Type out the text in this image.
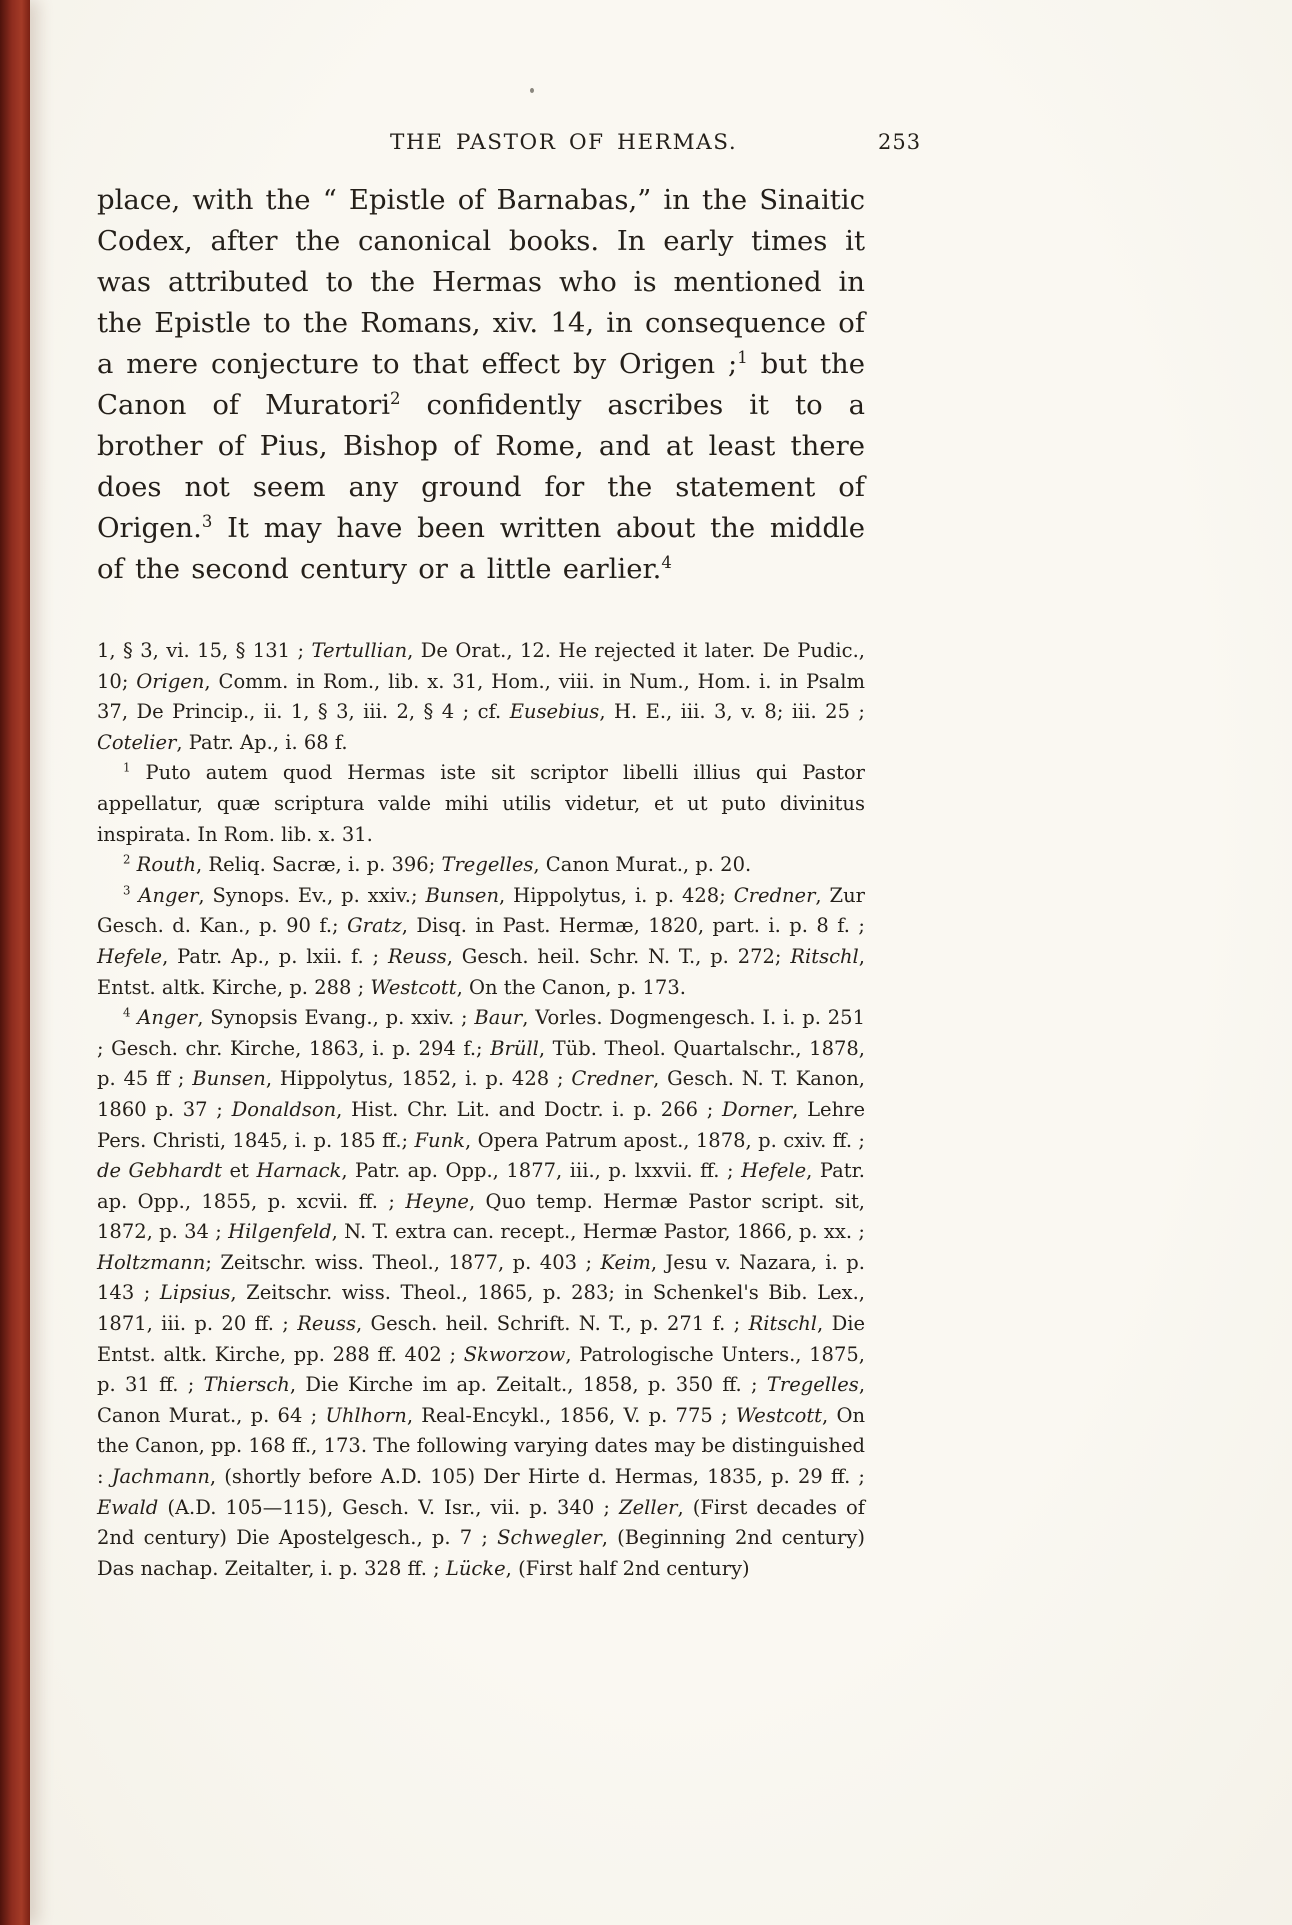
THE PASTOR OF HERMAS.	253

place, with the “ Epistle of Barnabas,” in the Sinaitic Codex, after the canonical books. In early times it was attributed to the Hermas who is mentioned in the Epistle to the Romans, xiv. 14, in consequence of a mere conjecture to that effect by Origen ;$^1$ but the Canon of Muratori$^2$ confidently ascribes it to a brother of Pius, Bishop of Rome, and at least there does not seem any ground for the statement of Origen.$^3$ It may have been written about the middle of the second century or a little earlier.$^4$

1, § 3, vi. 15, § 131 ; Tertullian, De Orat., 12. He rejected it later. De Pudic., 10; Origen, Comm. in Rom., lib. x. 31, Hom., viii. in Num., Hom. i. in Psalm 37, De Princip., ii. 1, § 3, iii. 2, § 4 ; cf. Eusebius, H. E., iii. 3, v. 8; iii. 25 ; Cotelier, Patr. Ap., i. 68 f.

$^1$ Puto autem quod Hermas iste sit scriptor libelli illius qui Pastor appellatur, quæ scriptura valde mihi utilis videtur, et ut puto divinitus inspirata. In Rom. lib. x. 31.

$^2$ Routh, Reliq. Sacræ, i. p. 396; Tregelles, Canon Murat., p. 20.

$^3$ Anger, Synops. Ev., p. xxiv.; Bunsen, Hippolytus, i. p. 428; Credner, Zur Gesch. d. Kan., p. 90 f.; Gratz, Disq. in Past. Hermæ, 1820, part. i. p. 8 f. ; Hefele, Patr. Ap., p. lxii. f. ; Reuss, Gesch. heil. Schr. N. T., p. 272; Ritschl, Entst. altk. Kirche, p. 288 ; Westcott, On the Canon, p. 173.

$^4$ Anger, Synopsis Evang., p. xxiv. ; Baur, Vorles. Dogmengesch. I. i. p. 251 ; Gesch. chr. Kirche, 1863, i. p. 294 f.; Brüll, Tüb. Theol. Quartalschr., 1878, p. 45 ff ; Bunsen, Hippolytus, 1852, i. p. 428 ; Credner, Gesch. N. T. Kanon, 1860 p. 37 ; Donaldson, Hist. Chr. Lit. and Doctr. i. p. 266 ; Dorner, Lehre Pers. Christi, 1845, i. p. 185 ff.; Funk, Opera Patrum apost., 1878, p. cxiv. ff. ; de Gebhardt et Harnack, Patr. ap. Opp., 1877, iii., p. lxxvii. ff. ; Hefele, Patr. ap. Opp., 1855, p. xcvii. ff. ; Heyne, Quo temp. Hermæ Pastor script. sit, 1872, p. 34 ; Hilgenfeld, N. T. extra can. recept., Hermæ Pastor, 1866, p. xx. ; Holtzmann; Zeitschr. wiss. Theol., 1877, p. 403 ; Keim, Jesu v. Nazara, i. p. 143 ; Lipsius, Zeitschr. wiss. Theol., 1865, p. 283; in Schenkel's Bib. Lex., 1871, iii. p. 20 ff. ; Reuss, Gesch. heil. Schrift. N. T., p. 271 f. ; Ritschl, Die Entst. altk. Kirche, pp. 288 ff. 402 ; Skworzow, Patrologische Unters., 1875, p. 31 ff. ; Thiersch, Die Kirche im ap. Zeitalt., 1858, p. 350 ff. ; Tregelles, Canon Murat., p. 64 ; Uhlhorn, Real-Encykl., 1856, V. p. 775 ; Westcott, On the Canon, pp. 168 ff., 173. The following varying dates may be distinguished : Jachmann, (shortly before A.D. 105) Der Hirte d. Hermas, 1835, p. 29 ff. ; Ewald (A.D. 105—115), Gesch. V. Isr., vii. p. 340 ; Zeller, (First decades of 2nd century) Die Apostelgesch., p. 7 ; Schwegler, (Beginning 2nd century) Das nachap. Zeitalter, i. p. 328 ff. ; Lücke, (First half 2nd century)
